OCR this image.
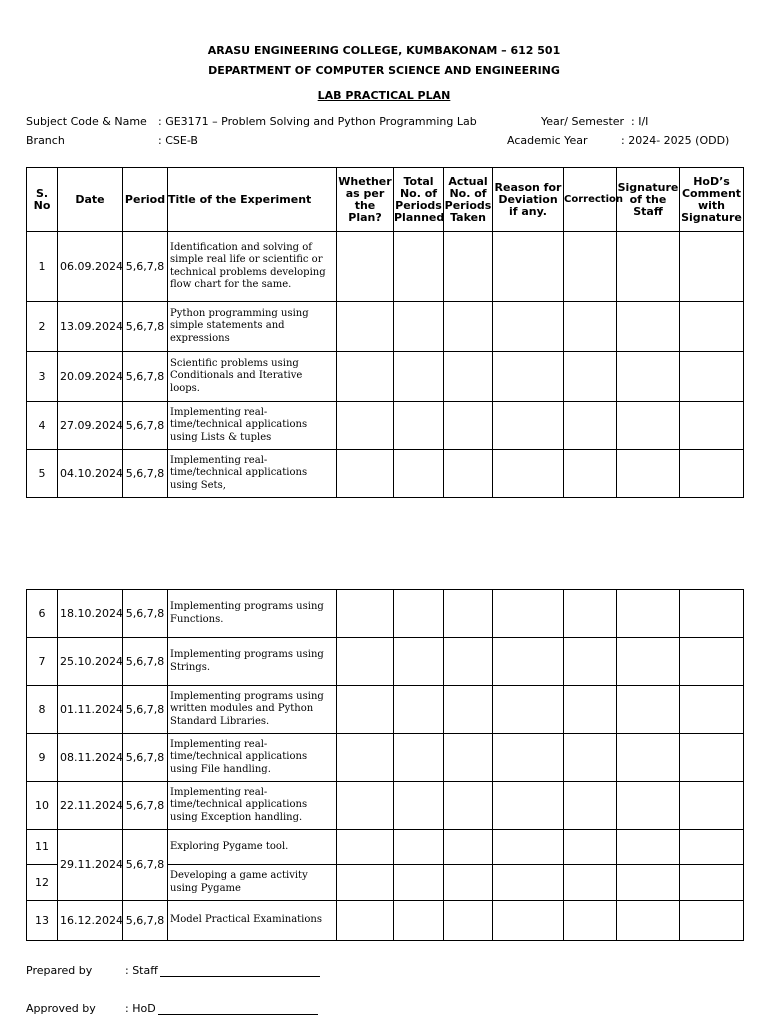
ARASU ENGINEERING COLLEGE, KUMBAKONAM – 612 501
DEPARTMENT OF COMPUTER SCIENCE AND ENGINEERING
LAB PRACTICAL PLAN
Subject Code & Name : GE3171 – Problem Solving and Python Programming Lab	Year/ Semester : I/I
Branch	: CSE-B	Academic Year	: 2024- 2025 (ODD)
S. No	Date	Period	Title of the Experiment	Whether as per the Plan?	Total No. of Periods Planned	Actual No. of Periods Taken	Reason for Deviation if any.	Correction	Signature of the Staff	HoD’s Comment with Signature
1	06.09.2024	5,6,7,8	Identification and solving of simple real life or scientific or technical problems developing flow chart for the same.							
2	13.09.2024	5,6,7,8	Python programming using simple statements and expressions							
3	20.09.2024	5,6,7,8	Scientific problems using Conditionals and Iterative loops.							
4	27.09.2024	5,6,7,8	Implementing real-time/technical applications using Lists & tuples							
5	04.10.2024	5,6,7,8	Implementing real-time/technical applications using Sets,							
6	18.10.2024	5,6,7,8	Implementing programs using Functions.							
7	25.10.2024	5,6,7,8	Implementing programs using Strings.							
8	01.11.2024	5,6,7,8	Implementing programs using written modules and Python Standard Libraries.							
9	08.11.2024	5,6,7,8	Implementing real-time/technical applications using File handling.							
10	22.11.2024	5,6,7,8	Implementing real-time/technical applications using Exception handling.							
11	29.11.2024	5,6,7,8	Exploring Pygame tool.							
12			Developing a game activity using Pygame							
13	16.12.2024	5,6,7,8	Model Practical Examinations							
Prepared by	: Staff
Approved by	: HoD
